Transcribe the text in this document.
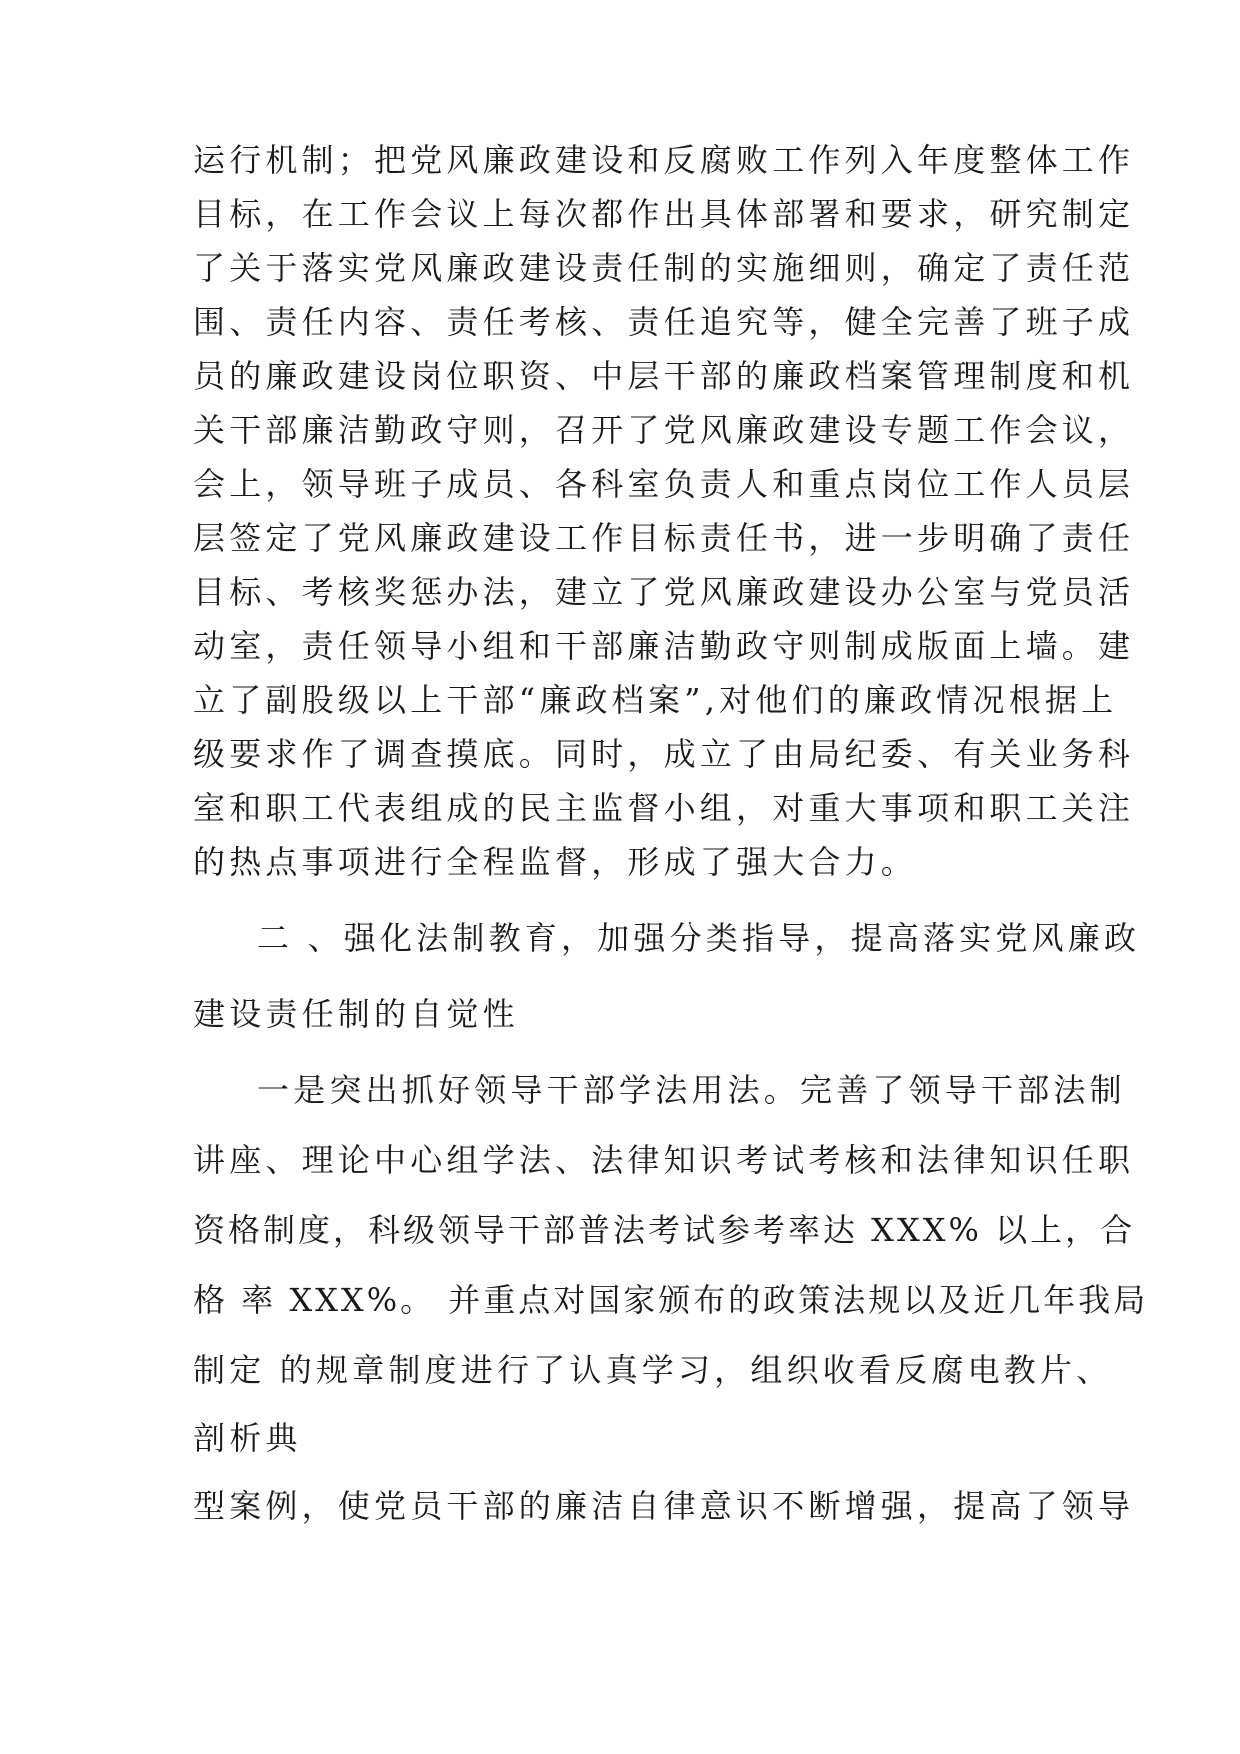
运行机制；把党风廉政建设和反腐败工作列入年度整体工作
目标，在工作会议上每次都作出具体部署和要求，研究制定
了关于落实党风廉政建设责任制的实施细则，确定了责任范
围、责任内容、责任考核、责任追究等，健全完善了班子成
员的廉政建设岗位职资、中层干部的廉政档案管理制度和机
关干部廉洁勤政守则，召开了党风廉政建设专题工作会议，
会上，领导班子成员、各科室负责人和重点岗位工作人员层
层签定了党风廉政建设工作目标责任书，进一步明确了责任
目标、考核奖惩办法，建立了党风廉政建设办公室与党员活
动室，责任领导小组和干部廉洁勤政守则制成版面上墙。建
立了副股级以上干部“廉政档案”,对他们的廉政情况根据上
级要求作了调查摸底。同时，成立了由局纪委、有关业务科
室和职工代表组成的民主监督小组，对重大事项和职工关注
的热点事项进行全程监督，形成了强大合力。
二 、强化法制教育，加强分类指导，提高落实党风廉政
建设责任制的自觉性
一是突出抓好领导干部学法用法。完善了领导干部法制
讲座、理论中心组学法、法律知识考试考核和法律知识任职
资格制度，科级领导干部普法考试参考率达 XXX% 以上，合
格 率 XXX%。 并重点对国家颁布的政策法规以及近几年我局
制定 的规章制度进行了认真学习，组织收看反腐电教片、
剖析典
型案例，使党员干部的廉洁自律意识不断增强，提高了领导
